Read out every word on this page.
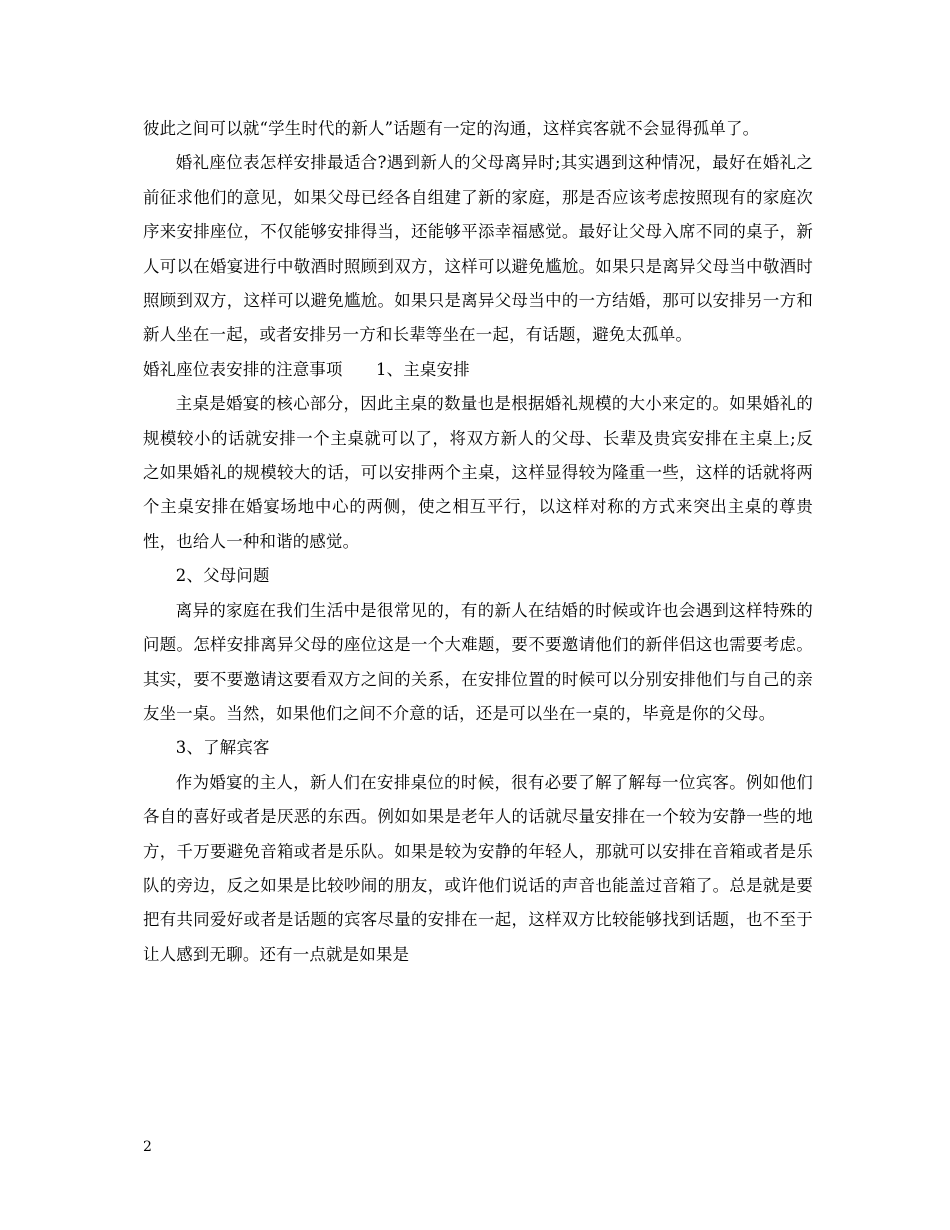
彼此之间可以就“学生时代的新人”话题有一定的沟通，这样宾客就不会显得孤单了。

婚礼座位表怎样安排最适合?遇到新人的父母离异时;其实遇到这种情况，最好在婚礼之前征求他们的意见，如果父母已经各自组建了新的家庭，那是否应该考虑按照现有的家庭次序来安排座位，不仅能够安排得当，还能够平添幸福感觉。最好让父母入席不同的桌子，新人可以在婚宴进行中敬酒时照顾到双方，这样可以避免尴尬。如果只是离异父母当中敬酒时照顾到双方，这样可以避免尴尬。如果只是离异父母当中的一方结婚，那可以安排另一方和新人坐在一起，或者安排另一方和长辈等坐在一起，有话题，避免太孤单。

婚礼座位表安排的注意事项　　1、主桌安排

主桌是婚宴的核心部分，因此主桌的数量也是根据婚礼规模的大小来定的。如果婚礼的规模较小的话就安排一个主桌就可以了，将双方新人的父母、长辈及贵宾安排在主桌上;反之如果婚礼的规模较大的话，可以安排两个主桌，这样显得较为隆重一些，这样的话就将两个主桌安排在婚宴场地中心的两侧，使之相互平行，以这样对称的方式来突出主桌的尊贵性，也给人一种和谐的感觉。

2、父母问题

离异的家庭在我们生活中是很常见的，有的新人在结婚的时候或许也会遇到这样特殊的问题。怎样安排离异父母的座位这是一个大难题，要不要邀请他们的新伴侣这也需要考虑。其实，要不要邀请这要看双方之间的关系，在安排位置的时候可以分别安排他们与自己的亲友坐一桌。当然，如果他们之间不介意的话，还是可以坐在一桌的，毕竟是你的父母。

3、了解宾客

作为婚宴的主人，新人们在安排桌位的时候，很有必要了解了解每一位宾客。例如他们各自的喜好或者是厌恶的东西。例如如果是老年人的话就尽量安排在一个较为安静一些的地方，千万要避免音箱或者是乐队。如果是较为安静的年轻人，那就可以安排在音箱或者是乐队的旁边，反之如果是比较吵闹的朋友，或许他们说话的声音也能盖过音箱了。总是就是要把有共同爱好或者是话题的宾客尽量的安排在一起，这样双方比较能够找到话题，也不至于让人感到无聊。还有一点就是如果是

2
